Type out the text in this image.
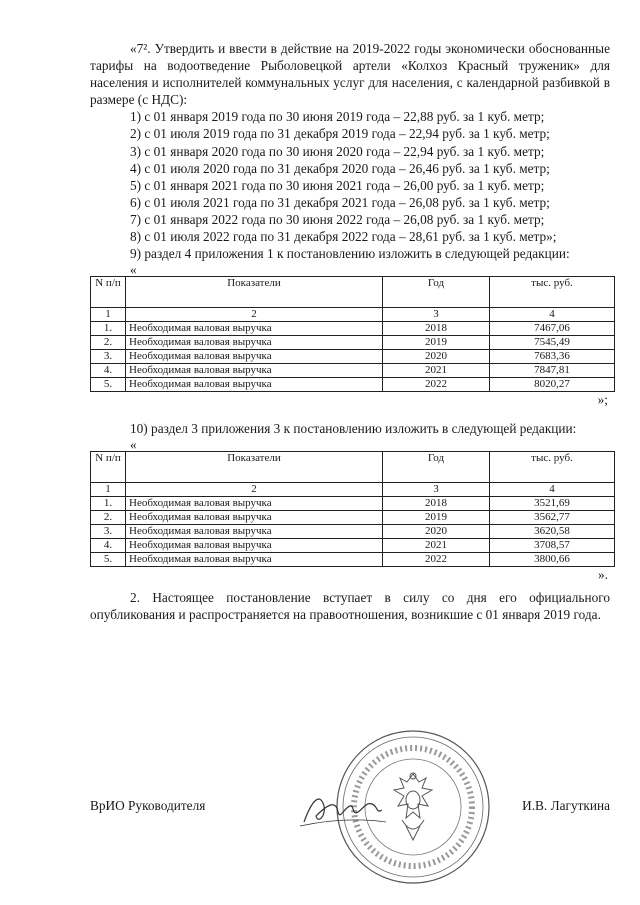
«7². Утвердить и ввести в действие на 2019-2022 годы экономически обоснованные тарифы на водоотведение Рыболовецкой артели «Колхоз Красный труженик» для населения и исполнителей коммунальных услуг для населения, с календарной разбивкой в размере (с НДС):

1) с 01 января 2019 года по 30 июня 2019 года – 22,88 руб. за 1 куб. метр;

2) с 01 июля 2019 года по 31 декабря 2019 года – 22,94 руб. за 1 куб. метр;

3) с 01 января 2020 года по 30 июня 2020 года – 22,94 руб. за 1 куб. метр;

4) с 01 июля 2020 года по 31 декабря 2020 года – 26,46 руб. за 1 куб. метр;

5) с 01 января 2021 года по 30 июня 2021 года – 26,00 руб. за 1 куб. метр;

6) с 01 июля 2021 года по 31 декабря 2021 года – 26,08 руб. за 1 куб. метр;

7) с 01 января 2022 года по 30 июня 2022 года – 26,08 руб. за 1 куб. метр;

8) с 01 июля 2022 года по 31 декабря 2022 года – 28,61 руб. за 1 куб. метр»;

9) раздел 4 приложения 1 к постановлению изложить в следующей редакции:

«
N п/п	Показатели	Год	тыс. руб.
1	2	3	4
1.	Необходимая валовая выручка	2018	7467,06
2.	Необходимая валовая выручка	2019	7545,49
3.	Необходимая валовая выручка	2020	7683,36
4.	Необходимая валовая выручка	2021	7847,81
5.	Необходимая валовая выручка	2022	8020,27
»;

10) раздел 3 приложения 3 к постановлению изложить в следующей редакции:

«
N п/п	Показатели	Год	тыс. руб.
1	2	3	4
1.	Необходимая валовая выручка	2018	3521,69
2.	Необходимая валовая выручка	2019	3562,77
3.	Необходимая валовая выручка	2020	3620,58
4.	Необходимая валовая выручка	2021	3708,57
5.	Необходимая валовая выручка	2022	3800,66
».

2. Настоящее постановление вступает в силу со дня его официального опубликования и распространяется на правоотношения, возникшие с 01 января 2019 года.

ВрИО Руководителя	И.В. Лагуткина
